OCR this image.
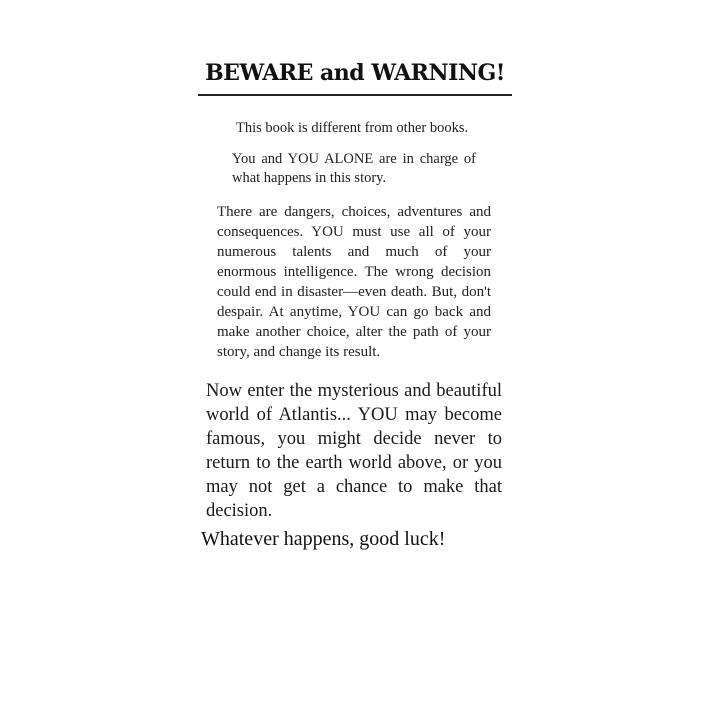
BEWARE and WARNING!

This book is different from other books.

You and YOU ALONE are in charge of what happens in this story.

There are dangers, choices, adventures and consequences. YOU must use all of your numerous talents and much of your enormous intelligence. The wrong decision could end in disaster—even death. But, don't despair. At anytime, YOU can go back and make another choice, alter the path of your story, and change its result.

Now enter the mysterious and beautiful world of Atlantis... YOU may become famous, you might decide never to return to the earth world above, or you may not get a chance to make that decision.

Whatever happens, good luck!
